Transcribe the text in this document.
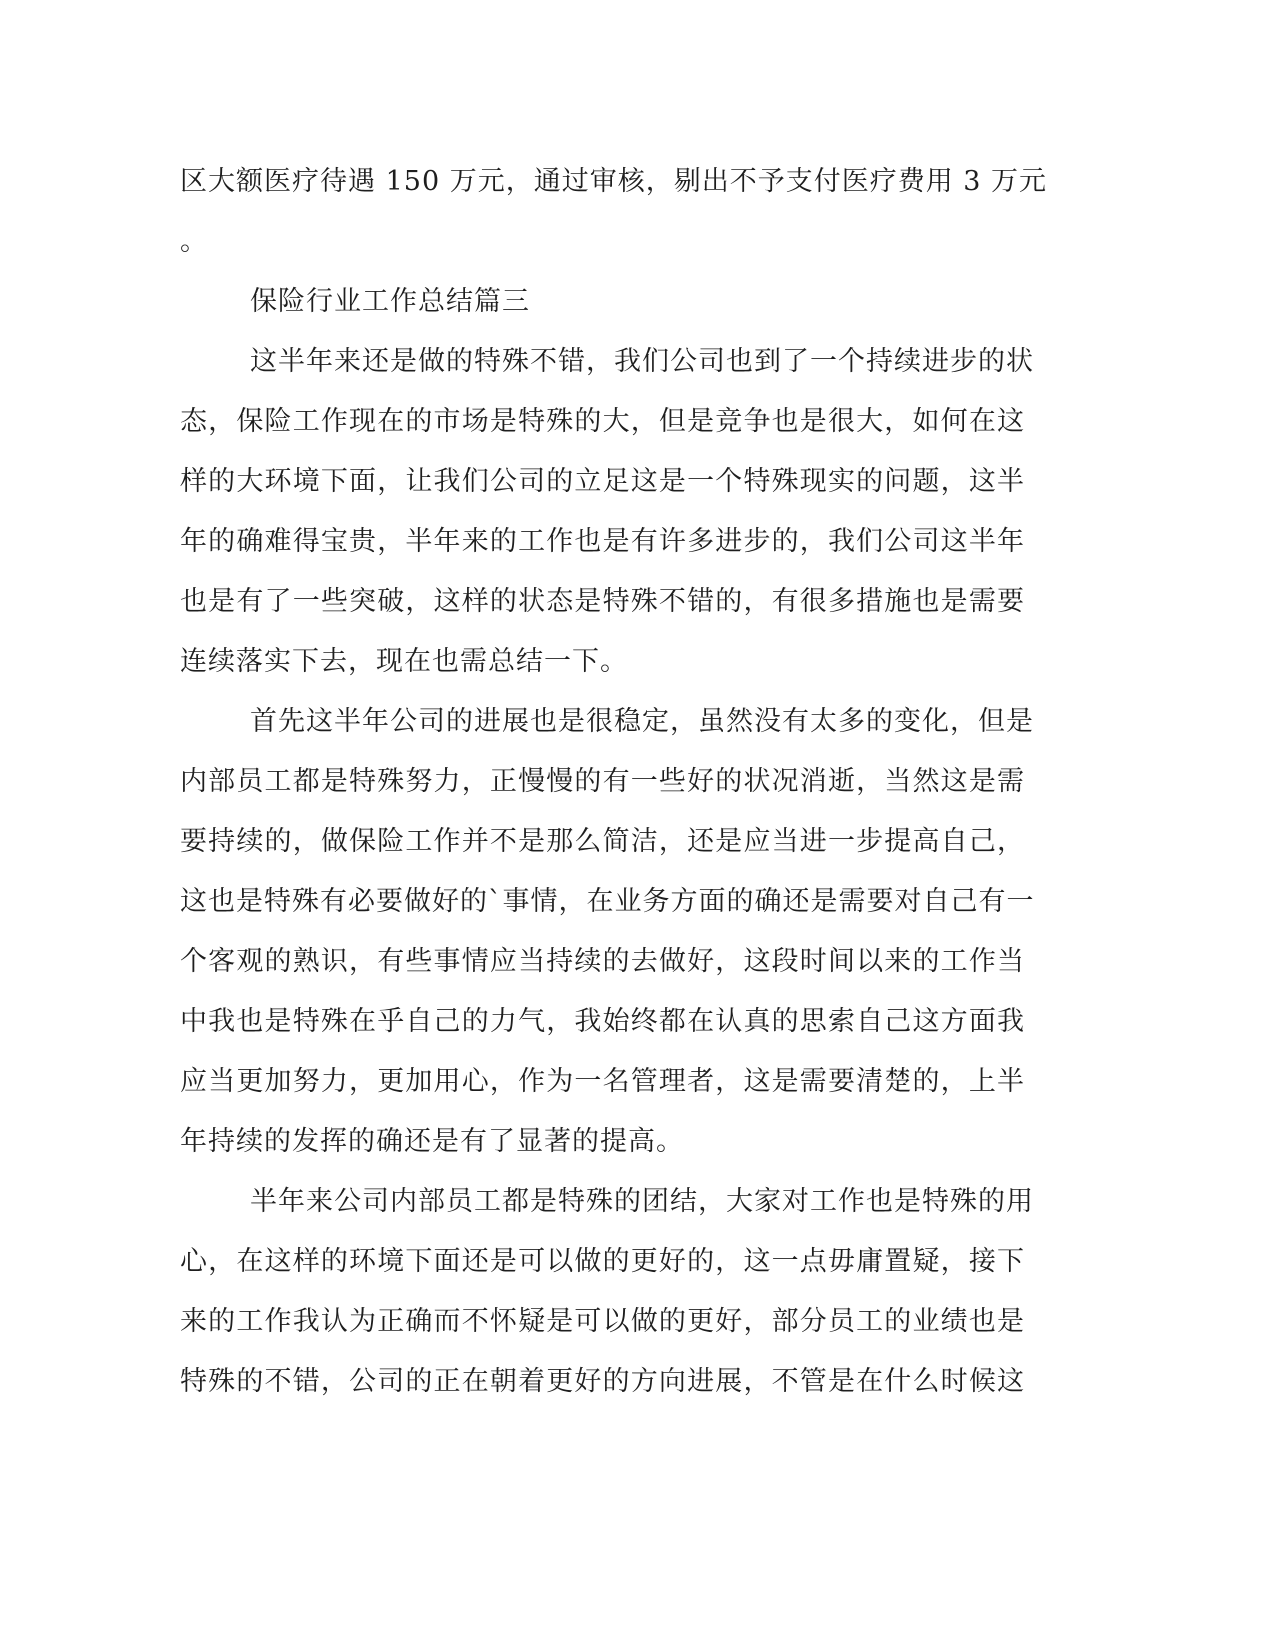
区大额医疗待遇 150 万元，通过审核，剔出不予支付医疗费用 3 万元
。
保险行业工作总结篇三
这半年来还是做的特殊不错，我们公司也到了一个持续进步的状
态，保险工作现在的市场是特殊的大，但是竞争也是很大，如何在这
样的大环境下面，让我们公司的立足这是一个特殊现实的问题，这半
年的确难得宝贵，半年来的工作也是有许多进步的，我们公司这半年
也是有了一些突破，这样的状态是特殊不错的，有很多措施也是需要
连续落实下去，现在也需总结一下。
首先这半年公司的进展也是很稳定，虽然没有太多的变化，但是
内部员工都是特殊努力，正慢慢的有一些好的状况消逝，当然这是需
要持续的，做保险工作并不是那么简洁，还是应当进一步提高自己，
这也是特殊有必要做好的`事情，在业务方面的确还是需要对自己有一
个客观的熟识，有些事情应当持续的去做好，这段时间以来的工作当
中我也是特殊在乎自己的力气，我始终都在认真的思索自己这方面我
应当更加努力，更加用心，作为一名管理者，这是需要清楚的，上半
年持续的发挥的确还是有了显著的提高。
半年来公司内部员工都是特殊的团结，大家对工作也是特殊的用
心，在这样的环境下面还是可以做的更好的，这一点毋庸置疑，接下
来的工作我认为正确而不怀疑是可以做的更好，部分员工的业绩也是
特殊的不错，公司的正在朝着更好的方向进展，不管是在什么时候这
